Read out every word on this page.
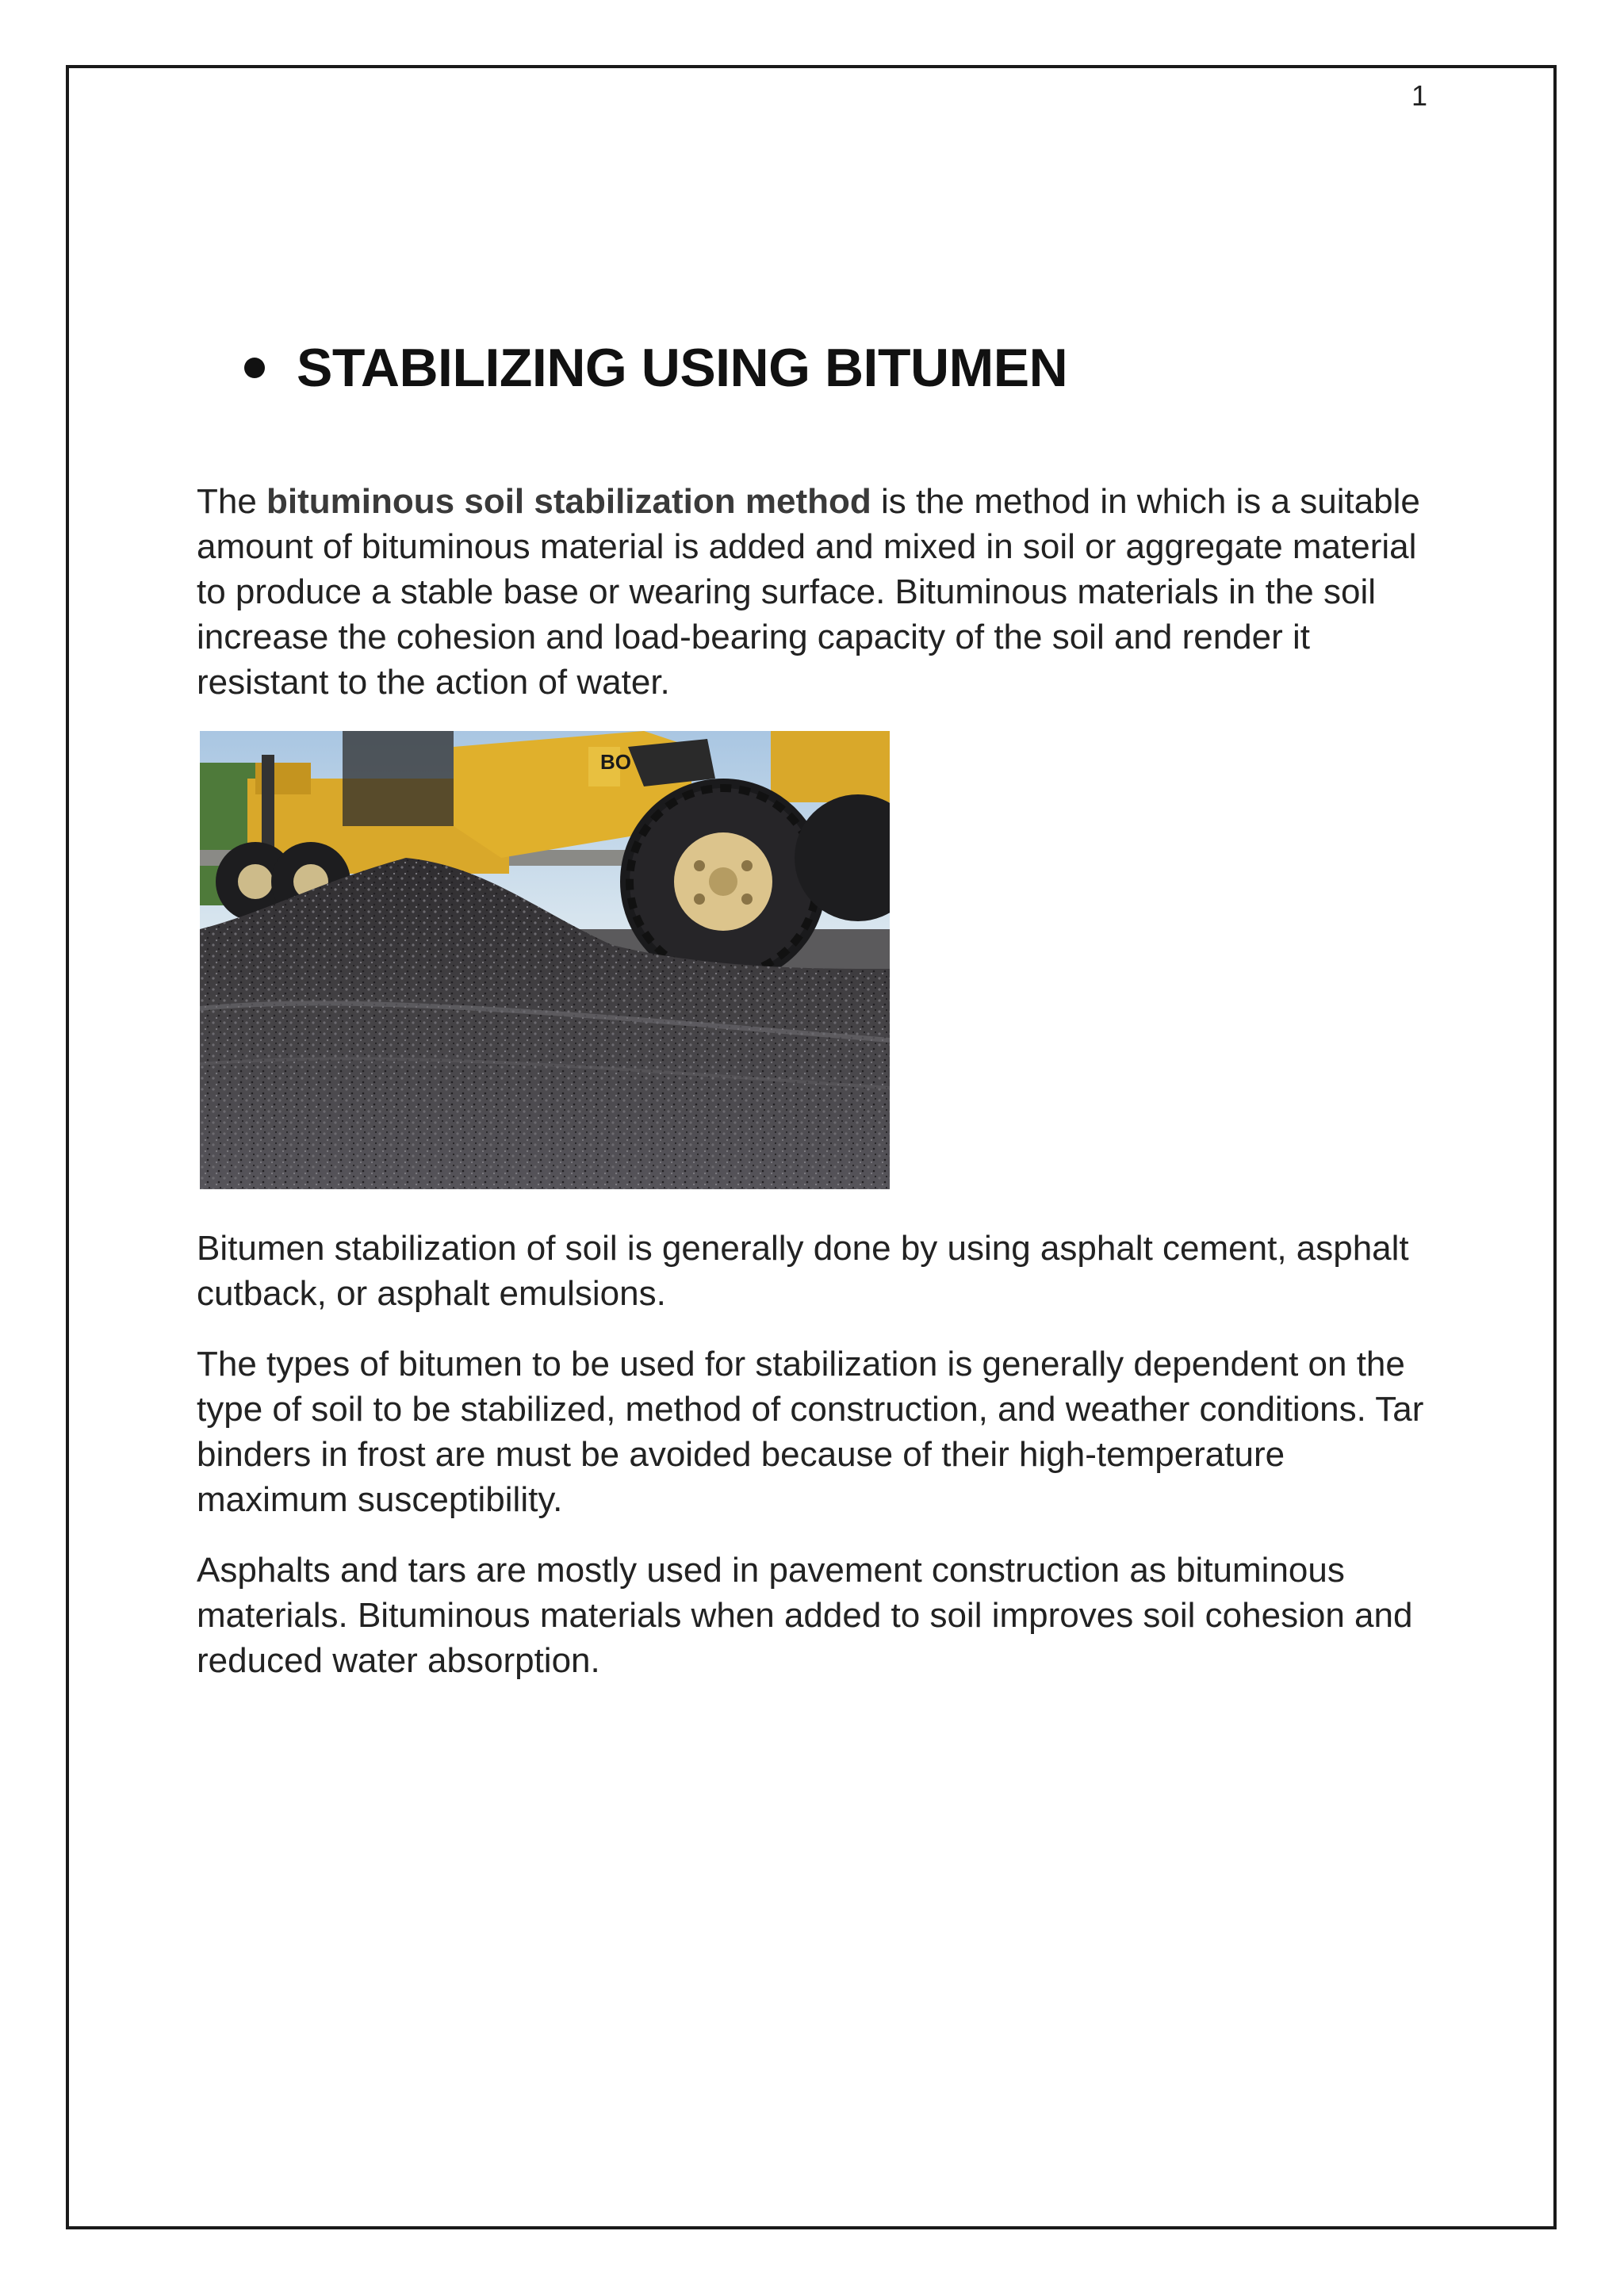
1
STABILIZING USING BITUMEN

The bituminous soil stabilization method is the method in which is a suitable amount of bituminous material is added and mixed in soil or aggregate material to produce a stable base or wearing surface. Bituminous materials in the soil increase the cohesion and load-bearing capacity of the soil and render it resistant to the action of water.

BO

Bitumen stabilization of soil is generally done by using asphalt cement, asphalt cutback, or asphalt emulsions.

The types of bitumen to be used for stabilization is generally dependent on the type of soil to be stabilized, method of construction, and weather conditions. Tar binders in frost are must be avoided because of their high-temperature maximum susceptibility.

Asphalts and tars are mostly used in pavement construction as bituminous materials. Bituminous materials when added to soil improves soil cohesion and reduced water absorption.
